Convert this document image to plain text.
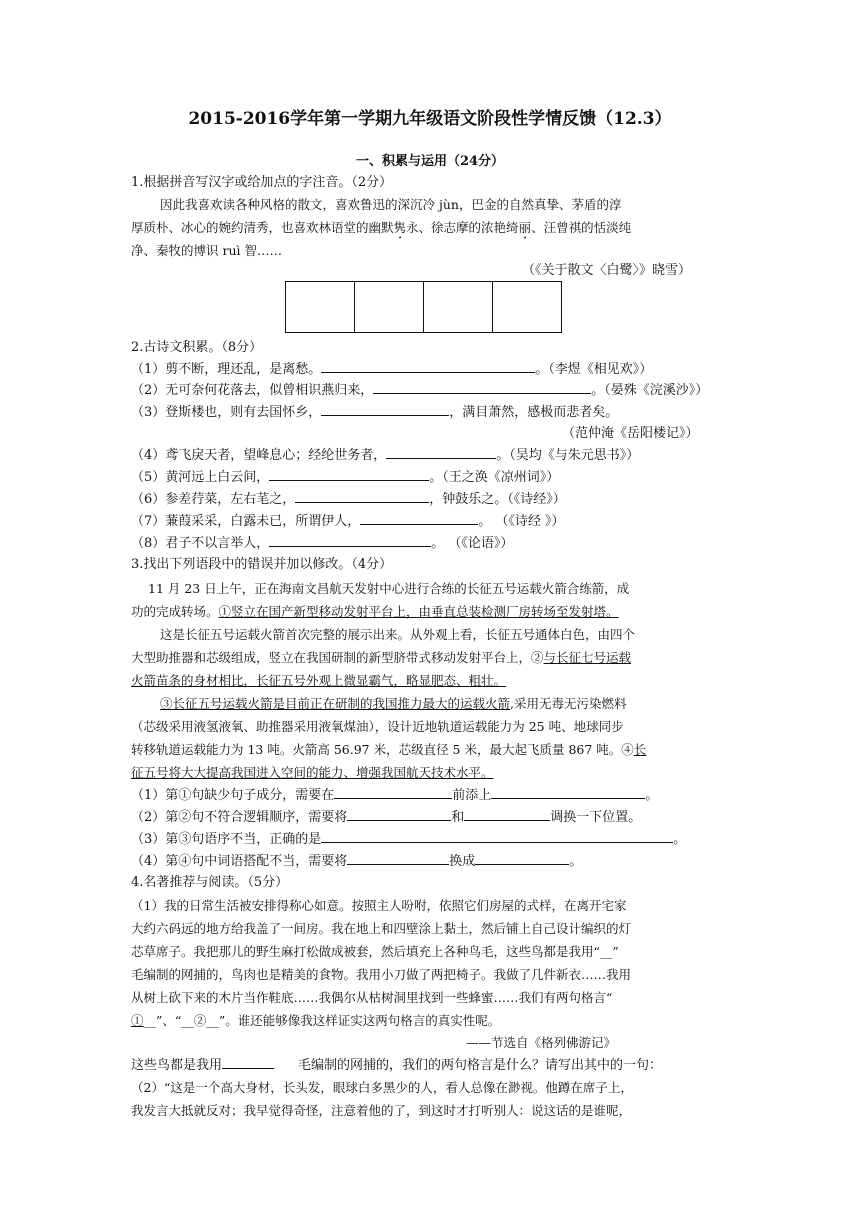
2015-2016学年第一学期九年级语文阶段性学情反馈（12.3）
一、积累与运用（24分）
1.根据拼音写汉字或给加点的字注音。（2分）
因此我喜欢读各种风格的散文，喜欢鲁迅的深沉冷 jùn，巴金的自然真挚、茅盾的淳
厚质朴、冰心的婉约清秀，也喜欢林语堂的幽默隽永、徐志摩的浓艳绮丽、汪曾祺的恬淡纯
净、秦牧的博识 ruì 智……
（《关于散文〈白鹭〉》晓雪）
2.古诗文积累。（8分）
（1）剪不断，理还乱，是离愁。	。（李煜《相见欢》）
（2）无可奈何花落去，似曾相识燕归来，	。（晏殊《浣溪沙》）
（3）登斯楼也，则有去国怀乡，	，满目萧然，感极而悲者矣。
（范仲淹《岳阳楼记》）
（4）鸢飞戾天者，望峰息心；经纶世务者，	。（吴均《与朱元思书》）
（5）黄河远上白云间，	。（王之涣《凉州词》）
（6）参差荇菜，左右芼之，	，钟鼓乐之。（《诗经》）
（7）蒹葭采采，白露未已，所谓伊人，	。 （《诗经 》）
（8）君子不以言举人，	。 （《论语》）
3.找出下列语段中的错误并加以修改。（4分）
11 月 23 日上午，正在海南文昌航天发射中心进行合练的长征五号运载火箭合练箭，成
功的完成转场。①竖立在国产新型移动发射平台上，由垂直总装检测厂房转场至发射塔。
这是长征五号运载火箭首次完整的展示出来。从外观上看，长征五号通体白色，由四个
大型助推器和芯级组成，竖立在我国研制的新型脐带式移动发射平台上，②与长征七号运载
火箭苗条的身材相比，长征五号外观上微显霸气，略显肥态、粗壮。
③长征五号运载火箭是目前正在研制的我国推力最大的运载火箭,采用无毒无污染燃料
（芯级采用液氢液氧、助推器采用液氧煤油），设计近地轨道运载能力为 25 吨、地球同步
转移轨道运载能力为 13 吨。火箭高 56.97 米，芯级直径 5 米，最大起飞质量 867 吨。④长
征五号将大大提高我国进入空间的能力、增强我国航天技术水平。
（1）第①句缺少句子成分，需要在	前添上	。
（2）第②句不符合逻辑顺序，需要将	和	调换一下位置。
（3）第③句语序不当，正确的是	。
（4）第④句中词语搭配不当，需要将	换成	。
4.名著推荐与阅读。（5分）
（1）我的日常生活被安排得称心如意。按照主人吩咐，依照它们房屋的式样，在离开宅家
大约六码远的地方给我盖了一间房。我在地上和四壁涂上黏土，然后铺上自己设计编织的灯
芯草席子。我把那儿的野生麻打松做成被套，然后填充上各种鸟毛，这些鸟都是我用“__”
毛编制的网捕的，鸟肉也是精美的食物。我用小刀做了两把椅子。我做了几件新衣……我用
从树上砍下来的木片当作鞋底……我偶尔从枯树洞里找到一些蜂蜜……我们有两句格言“
①__”、“__②__”。谁还能够像我这样证实这两句格言的真实性呢。
——节选自《格列佛游记》
这些鸟都是我用	毛编制的网捕的，我们的两句格言是什么？请写出其中的一句：
（2）“这是一个高大身材，长头发，眼球白多黑少的人，看人总像在渺视。他蹲在席子上，
我发言大抵就反对；我早觉得奇怪，注意着他的了，到这时才打听别人：说这话的是谁呢，
